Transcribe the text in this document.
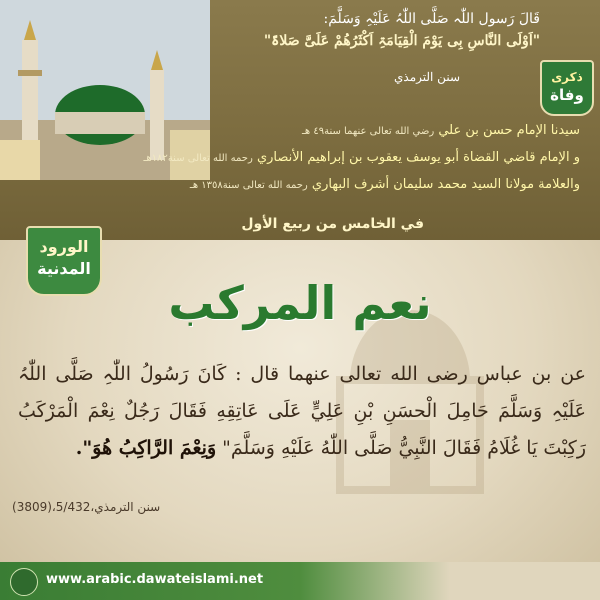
قَالَ رَسول اللّٰہ صَلَّی اللّٰہُ عَلَیْہِ وَسَلَّمَ:
"اَوْلَی النَّاسِ بِی یَوْمَ الْقِیَامَۃِ اَکْثَرُھُمْ عَلَیَّ صَلاۃً"
سنن الترمذي	ذکری
وفاة
سیدنا الإمام حسن بن علي رضي الله تعالى عنهما سنة٤٩ هـ
و الإمام قاضي القضاة أبو يوسف يعقوب بن إبراهيم الأنصاري رحمه الله تعالى سنة١٨٢هـ
والعلامة مولانا السيد محمد سليمان أشرف البهاري رحمه الله تعالى سنة١٣٥٨ هـ
في الخامس من ربيع الأول
الورود
المدنية
نعم المركب
عن بن عباس رضى الله تعالى عنهما قال : كَانَ رَسُولُ اللّٰہِ صَلَّی اللّٰہُ عَلَیْہِ وَسَلَّمَ حَامِلَ الْحسَنِ بْنِ عَلِيٍّ عَلَى عَاتِقِهِ فَقَالَ رَجُلٌ نِعْمَ الْمَرْكَبُ رَكِبْتَ يَا غُلَامُ فَقَالَ النَّبِيُّ صَلَّى اللّٰهُ عَلَيْهِ وَسَلَّمَ" وَنِعْمَ الرَّاكِبُ هُوَ".
سنن الترمذي،5/432،(3809)
www.arabic.dawateislami.net
